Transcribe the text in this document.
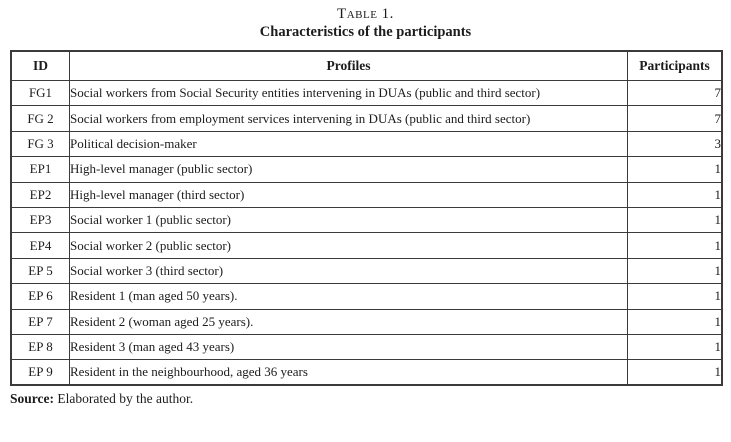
Table 1.
Characteristics of the participants
ID	Profiles	Participants
FG1	Social workers from Social Security entities intervening in DUAs (public and third sector)	7
FG 2	Social workers from employment services intervening in DUAs (public and third sector)	7
FG 3	Political decision-maker	3
EP1	High-level manager (public sector)	1
EP2	High-level manager (third sector)	1
EP3	Social worker 1 (public sector)	1
EP4	Social worker 2 (public sector)	1
EP 5	Social worker 3 (third sector)	1
EP 6	Resident 1 (man aged 50 years).	1
EP 7	Resident 2 (woman aged 25 years).	1
EP 8	Resident 3 (man aged 43 years)	1
EP 9	Resident in the neighbourhood, aged 36 years	1
Source: Elaborated by the author.
